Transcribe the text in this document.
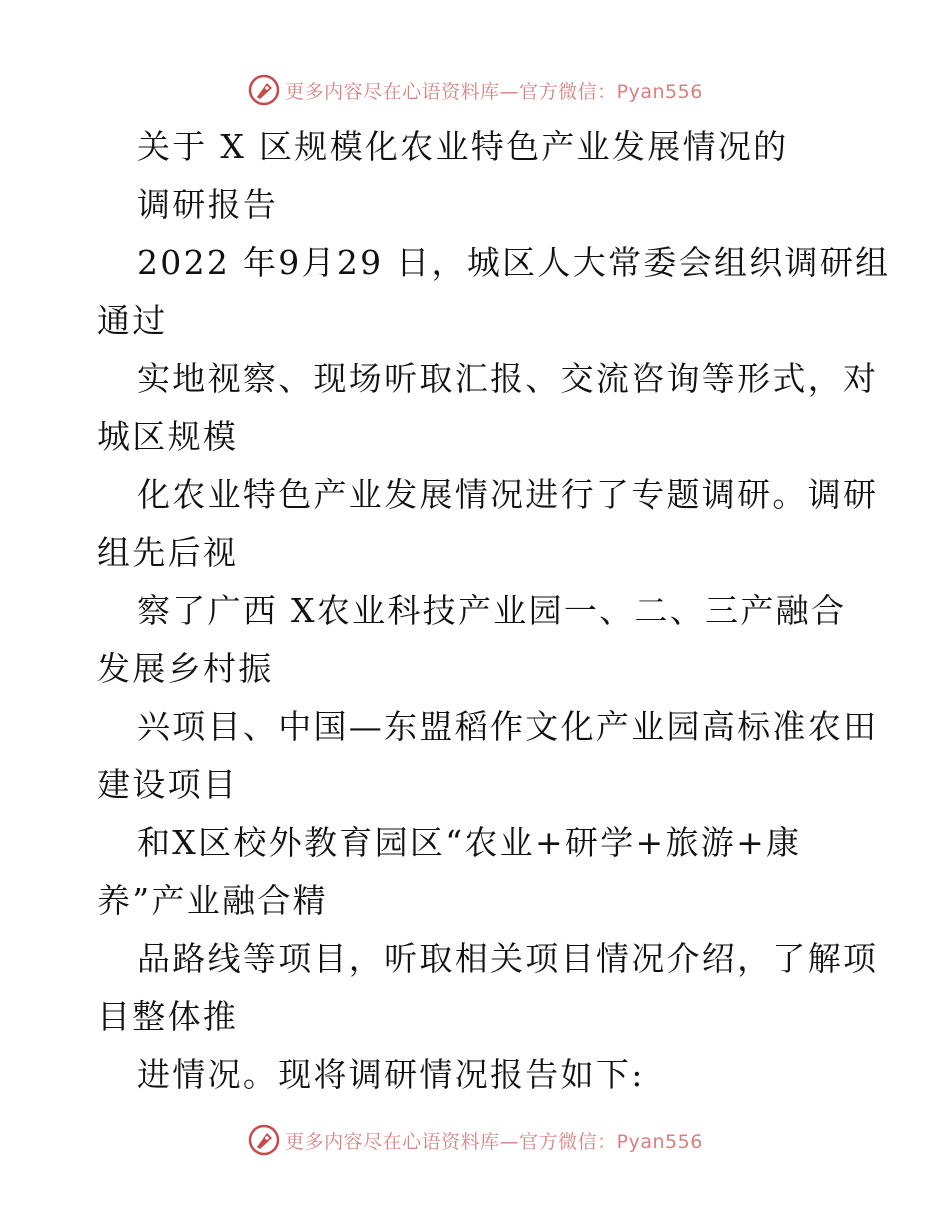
更多内容尽在心语资料库—官方微信：Pyan556
关于 X 区规模化农业特色产业发展情况的
调研报告
2022 年9月29 日，城区人大常委会组织调研组
通过
实地视察、现场听取汇报、交流咨询等形式，对
城区规模
化农业特色产业发展情况进行了专题调研。调研
组先后视
察了广西 X农业科技产业园一、二、三产融合
发展乡村振
兴项目、中国—东盟稻作文化产业园高标准农田
建设项目
和X区校外教育园区“农业+研学+旅游+康
养”产业融合精
品路线等项目，听取相关项目情况介绍，了解项
目整体推
进情况。现将调研情况报告如下:
更多内容尽在心语资料库—官方微信：Pyan556
